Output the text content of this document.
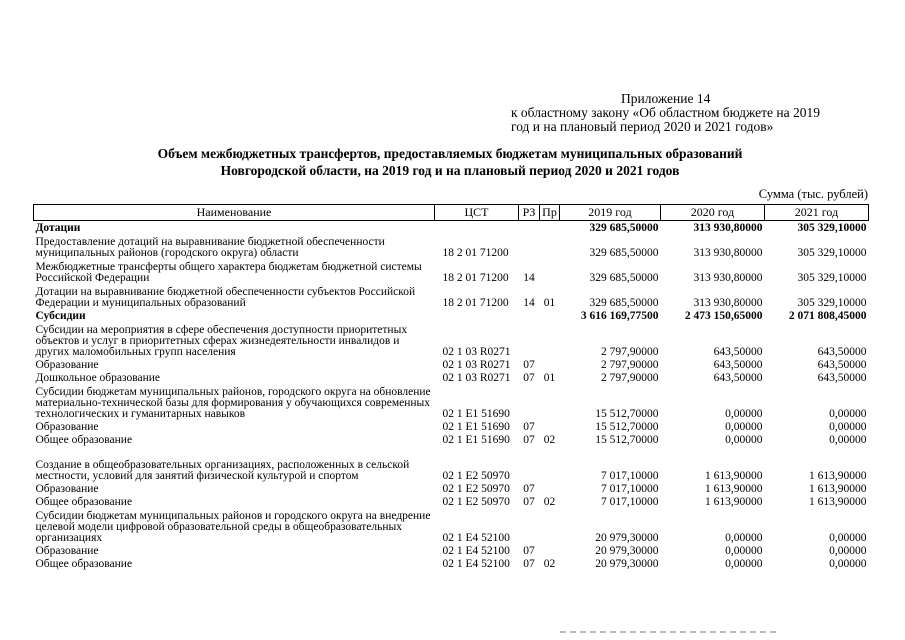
Приложение 14
к областному закону «Об областном бюджете на 2019
год и на плановый период 2020 и 2021 годов»
Объем межбюджетных трансфертов, предоставляемых бюджетам муниципальных образований
Новгородской области, на 2019 год и на плановый период 2020 и 2021 годов
Сумма (тыс. рублей)
Наименование	ЦСТ	РЗ	Пр	2019 год	2020 год	2021 год
Дотации				329 685,50000	313 930,80000	305 329,10000
Предоставление дотаций на выравнивание бюджетной обеспеченности муниципальных районов (городского округа) области	18 2 01 71200			329 685,50000	313 930,80000	305 329,10000
Межбюджетные трансферты общего характера бюджетам бюджетной системы Российской Федерации	18 2 01 71200	14		329 685,50000	313 930,80000	305 329,10000
Дотации на выравнивание бюджетной обеспеченности субъектов Российской Федерации и муниципальных образований	18 2 01 71200	14	01	329 685,50000	313 930,80000	305 329,10000
Субсидии				3 616 169,77500	2 473 150,65000	2 071 808,45000
Субсидии на мероприятия в сфере обеспечения доступности приоритетных объектов и услуг в приоритетных сферах жизнедеятельности инвалидов и других маломобильных групп населения	02 1 03 R0271			2 797,90000	643,50000	643,50000
Образование	02 1 03 R0271	07		2 797,90000	643,50000	643,50000
Дошкольное образование	02 1 03 R0271	07	01	2 797,90000	643,50000	643,50000
Субсидии бюджетам муниципальных районов, городского округа на обновление материально-технической базы для формирования у обучающихся современных технологических и гуманитарных навыков	02 1 E1 51690			15 512,70000	0,00000	0,00000
Образование	02 1 E1 51690	07		15 512,70000	0,00000	0,00000
Общее образование	02 1 E1 51690	07	02	15 512,70000	0,00000	0,00000
Создание в общеобразовательных организациях, расположенных в сельской местности, условий для занятий физической культурой и спортом	02 1 E2 50970			7 017,10000	1 613,90000	1 613,90000
Образование	02 1 E2 50970	07		7 017,10000	1 613,90000	1 613,90000
Общее образование	02 1 E2 50970	07	02	7 017,10000	1 613,90000	1 613,90000
Субсидии бюджетам муниципальных районов и городского округа на внедрение целевой модели цифровой образовательной среды в общеобразовательных организациях	02 1 E4 52100			20 979,30000	0,00000	0,00000
Образование	02 1 E4 52100	07		20 979,30000	0,00000	0,00000
Общее образование	02 1 E4 52100	07	02	20 979,30000	0,00000	0,00000
